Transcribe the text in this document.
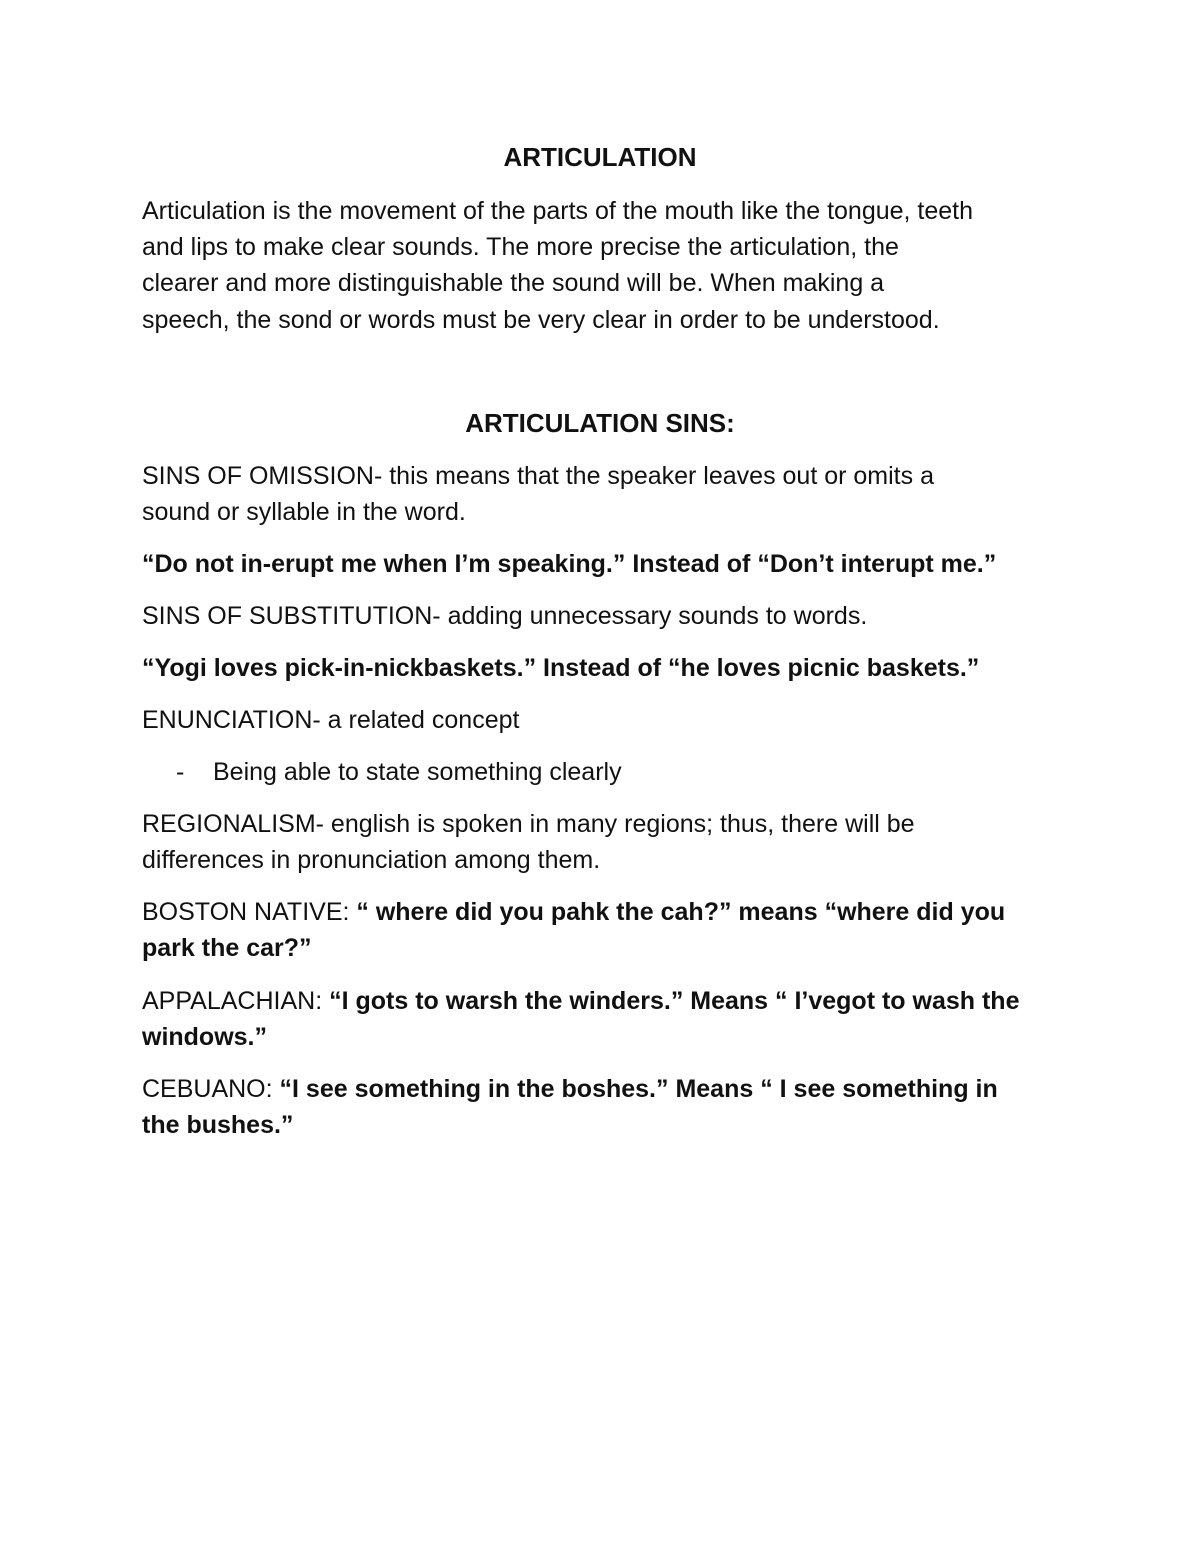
ARTICULATION

Articulation is the movement of the parts of the mouth like the tongue, teeth

and lips to make clear sounds. The more precise the articulation, the

clearer and more distinguishable the sound will be. When making a

speech, the sond or words must be very clear in order to be understood.

ARTICULATION SINS:

SINS OF OMISSION- this means that the speaker leaves out or omits a

sound or syllable in the word.

“Do not in-erupt me when I’m speaking.” Instead of “Don’t interupt me.”

SINS OF SUBSTITUTION- adding unnecessary sounds to words.

“Yogi loves pick-in-nickbaskets.” Instead of “he loves picnic baskets.”

ENUNCIATION- a related concept

- Being able to state something clearly

REGIONALISM- english is spoken in many regions; thus, there will be

differences in pronunciation among them.

BOSTON NATIVE: “ where did you pahk the cah?” means “where did you

park the car?”

APPALACHIAN: “I gots to warsh the winders.” Means “ I’vegot to wash the

windows.”

CEBUANO: “I see something in the boshes.” Means “ I see something in

the bushes.”
